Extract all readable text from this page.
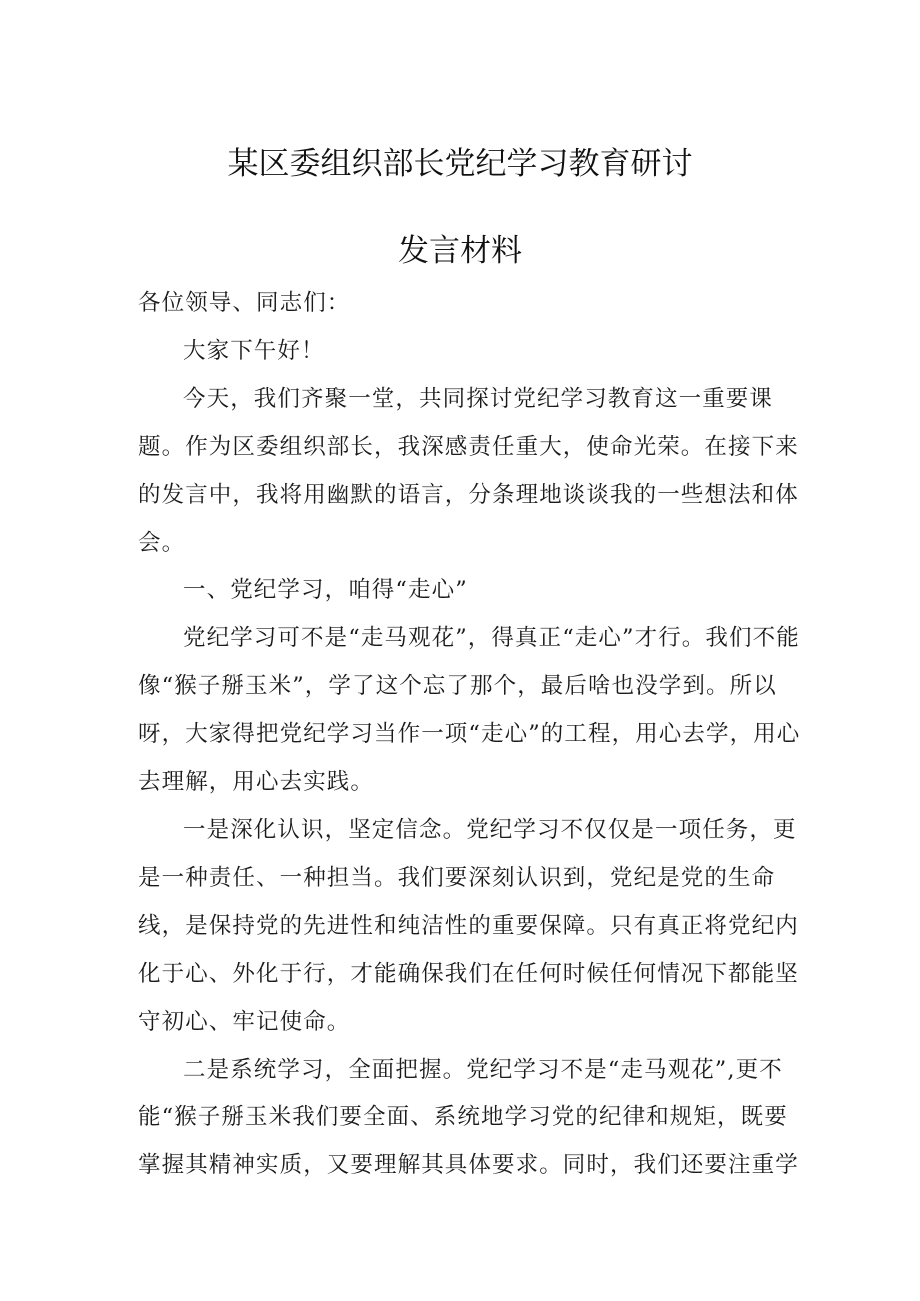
某区委组织部长党纪学习教育研讨
发言材料

各位领导、同志们：

大家下午好！

今天，我们齐聚一堂，共同探讨党纪学习教育这一重要课题。作为区委组织部长，我深感责任重大，使命光荣。在接下来的发言中，我将用幽默的语言，分条理地谈谈我的一些想法和体会。

一、党纪学习，咱得“走心”

党纪学习可不是“走马观花”，得真正“走心”才行。我们不能像“猴子掰玉米”，学了这个忘了那个，最后啥也没学到。所以呀，大家得把党纪学习当作一项“走心”的工程，用心去学，用心去理解，用心去实践。

一是深化认识，坚定信念。党纪学习不仅仅是一项任务，更是一种责任、一种担当。我们要深刻认识到，党纪是党的生命线，是保持党的先进性和纯洁性的重要保障。只有真正将党纪内化于心、外化于行，才能确保我们在任何时候任何情况下都能坚守初心、牢记使命。

二是系统学习，全面把握。党纪学习不是“走马观花”,更不能“猴子掰玉米我们要全面、系统地学习党的纪律和规矩，既要掌握其精神实质，又要理解其具体要求。同时，我们还要注重学
